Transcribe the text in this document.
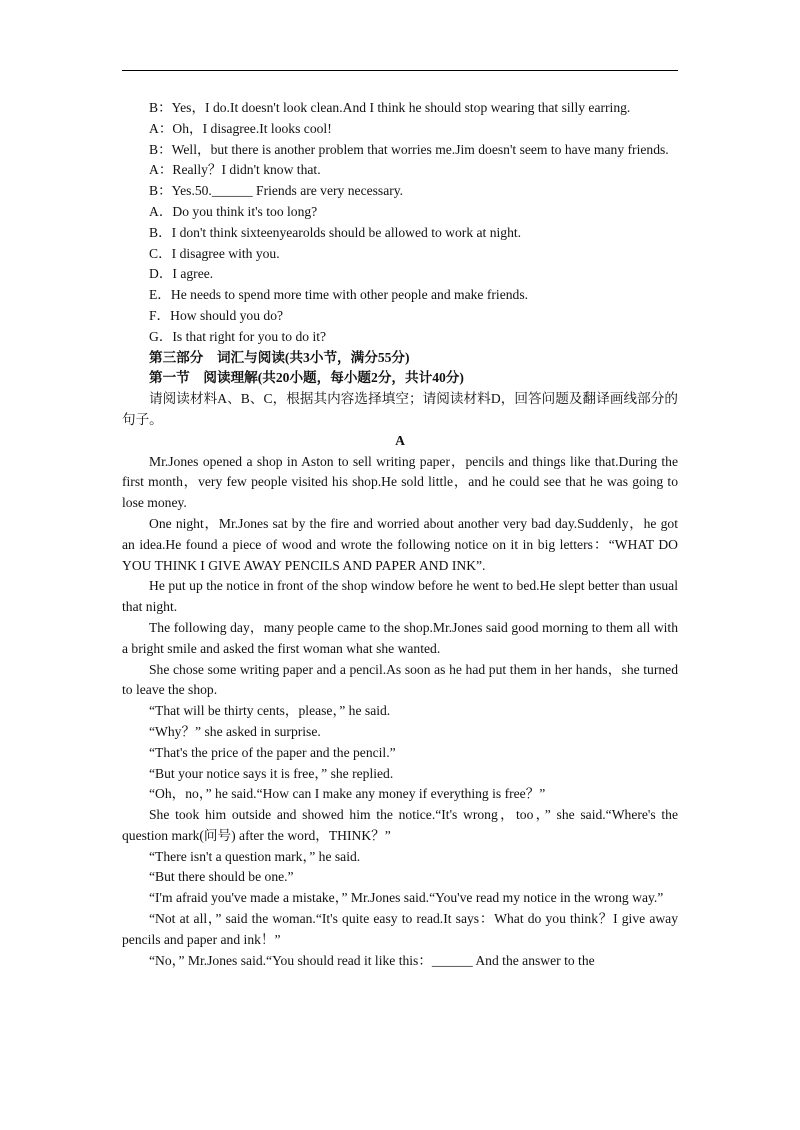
B：Yes，I do.It doesn't look clean.And I think he should stop wearing that silly earring.

A：Oh，I disagree.It looks cool!

B：Well，but there is another problem that worries me.Jim doesn't seem to have many friends.

A：Really？I didn't know that.

B：Yes.50.______ Friends are very necessary.

A．Do you think it's too long?

B．I don't think sixteenyearolds should be allowed to work at night.

C．I disagree with you.

D．I agree.

E．He needs to spend more time with other people and make friends.

F．How should you do?

G．Is that right for you to do it?

第三部分　词汇与阅读(共3小节，满分55分)

第一节　阅读理解(共20小题，每小题2分，共计40分)

请阅读材料A、B、C，根据其内容选择填空；请阅读材料D，回答问题及翻译画线部分的句子。

A

Mr.Jones opened a shop in Aston to sell writing paper，pencils and things like that.During the first month，very few people visited his shop.He sold little，and he could see that he was going to lose money.

One night，Mr.Jones sat by the fire and worried about another very bad day.Suddenly，he got an idea.He found a piece of wood and wrote the following notice on it in big letters：“WHAT DO YOU THINK I GIVE AWAY PENCILS AND PAPER AND INK”.

He put up the notice in front of the shop window before he went to bed.He slept better than usual that night.

The following day，many people came to the shop.Mr.Jones said good morning to them all with a bright smile and asked the first woman what she wanted.

She chose some writing paper and a pencil.As soon as he had put them in her hands，she turned to leave the shop.

“That will be thirty cents，please，” he said.

“Why？” she asked in surprise.

“That's the price of the paper and the pencil.”

“But your notice says it is free，” she replied.

“Oh，no，” he said.“How can I make any money if everything is free？”

She took him outside and showed him the notice.“It's wrong，too，” she said.“Where's the question mark(问号) after the word，THINK？”

“There isn't a question mark，” he said.

“But there should be one.”

“I'm afraid you've made a mistake，” Mr.Jones said.“You've read my notice in the wrong way.”

“Not at all，” said the woman.“It's quite easy to read.It says：What do you think？I give away pencils and paper and ink！”

“No，” Mr.Jones said.“You should read it like this：______ And the answer to the
